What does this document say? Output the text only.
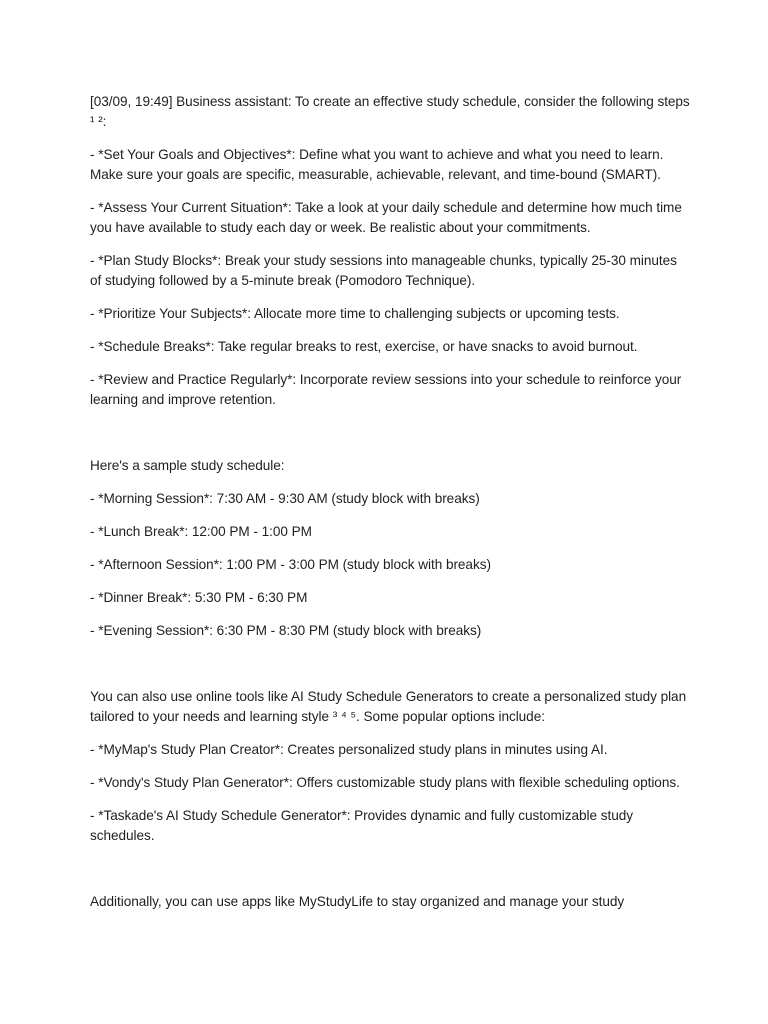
[03/09, 19:49] Business assistant: To create an effective study schedule, consider the following steps ¹ ²:

- *Set Your Goals and Objectives*: Define what you want to achieve and what you need to learn. Make sure your goals are specific, measurable, achievable, relevant, and time-bound (SMART).

- *Assess Your Current Situation*: Take a look at your daily schedule and determine how much time you have available to study each day or week. Be realistic about your commitments.

- *Plan Study Blocks*: Break your study sessions into manageable chunks, typically 25-30 minutes of studying followed by a 5-minute break (Pomodoro Technique).

- *Prioritize Your Subjects*: Allocate more time to challenging subjects or upcoming tests.

- *Schedule Breaks*: Take regular breaks to rest, exercise, or have snacks to avoid burnout.

- *Review and Practice Regularly*: Incorporate review sessions into your schedule to reinforce your learning and improve retention.

Here's a sample study schedule:

- *Morning Session*: 7:30 AM - 9:30 AM (study block with breaks)

- *Lunch Break*: 12:00 PM - 1:00 PM

- *Afternoon Session*: 1:00 PM - 3:00 PM (study block with breaks)

- *Dinner Break*: 5:30 PM - 6:30 PM

- *Evening Session*: 6:30 PM - 8:30 PM (study block with breaks)

You can also use online tools like AI Study Schedule Generators to create a personalized study plan tailored to your needs and learning style ³ ⁴ ⁵. Some popular options include:

- *MyMap's Study Plan Creator*: Creates personalized study plans in minutes using AI.

- *Vondy's Study Plan Generator*: Offers customizable study plans with flexible scheduling options.

- *Taskade's AI Study Schedule Generator*: Provides dynamic and fully customizable study schedules.

Additionally, you can use apps like MyStudyLife to stay organized and manage your study
